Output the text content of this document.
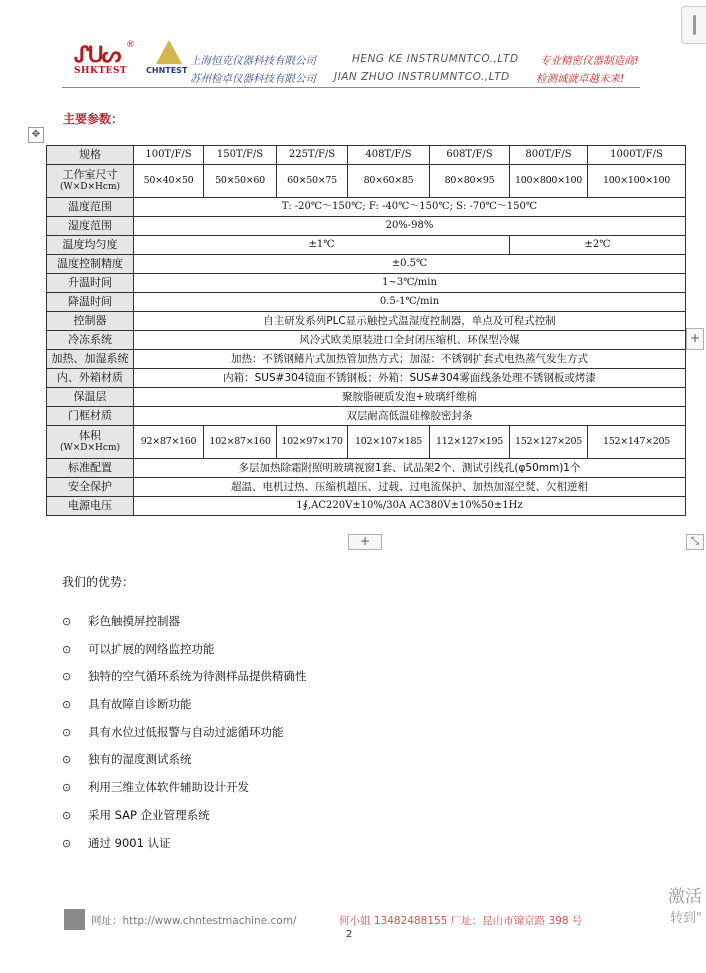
ᔑᑌᔕ ®
SHKTEST CHNTEST
上海恒克仪器科技有限公司	HENG KE INSTRUMNTCO.,LTD 专业精密仪器制造商!
苏州检卓仪器科技有限公司 JIAN ZHUO INSTRUMNTCO.,LTD 检测诚就卓越未来!
主要参数：
✥
规格	100T/F/S	150T/F/S	225T/F/S	408T/F/S	608T/F/S	800T/F/S	1000T/F/S
工作室尺寸
(W×D×Hcm)	50×40×50	50×50×60	60×50×75	80×60×85	80×80×95	100×800×100	100×100×100
温度范围	T: -20℃～150℃; F: -40℃～150℃; S: -70℃～150℃						
湿度范围	20%-98%						
温度均匀度	±1℃					±2℃	
温度控制精度	±0.5℃						
升温时间	1~3℃/min						
降温时间	0.5-1℃/min						
控制器	自主研发系列PLC显示触控式温湿度控制器，单点及可程式控制						
冷冻系统	风冷式欧美原装进口全封闭压缩机、环保型冷媒						
加热、加湿系统	加热：不锈钢鳍片式加热管加热方式；加湿：不锈钢扩套式电热蒸气发生方式						
内、外箱材质	内箱：SUS#304镜面不锈钢板；外箱：SUS#304雾面线条处理不锈钢板或烤漆						
保温层	聚胺脂硬质发泡+玻璃纤维棉						
门框材质	双层耐高低温硅橡胶密封条						
体积
(W×D×Hcm)	92×87×160	102×87×160	102×97×170	102×107×185	112×127×195	152×127×205	152×147×205
标准配置	多层加热除霜附照明玻璃视窗1套、试品架2个、测试引线孔(φ50mm)1个						
安全保护	超温、电机过热、压缩机超压、过载、过电流保护、加热加湿空焚、欠相逆相						
电源电压	1∮,AC220V±10%/30A AC380V±10%50±1Hz						
+
+
⤡
我们的优势：
⊙ 彩色触摸屏控制器
⊙ 可以扩展的网络监控功能
⊙ 独特的空气循环系统为待测样品提供精确性
⊙ 具有故障自诊断功能
⊙ 具有水位过低报警与自动过滤循环功能
⊙ 独有的湿度测试系统
⊙ 利用三维立体软件辅助设计开发
⊙ 采用 SAP 企业管理系统
⊙ 通过 9001 认证
网址：http://www.chntestmachine.com/	何小姐 13482488155 厂址：昆山市锦京路 398 号
2
激活
转到"
